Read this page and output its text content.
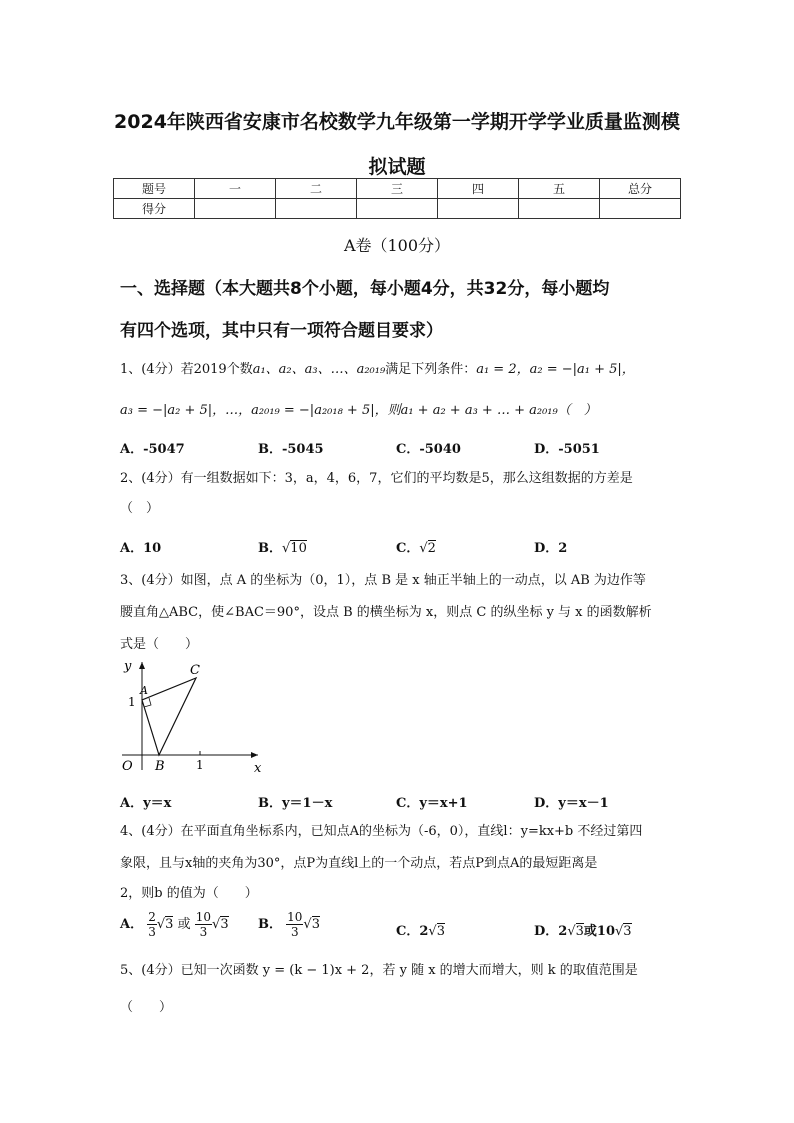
2024年陕西省安康市名校数学九年级第一学期开学学业质量监测模
拟试题
题号	一	二	三	四	五	总分
得分						
A卷（100分）
一、选择题（本大题共8个小题，每小题4分，共32分，每小题均
有四个选项，其中只有一项符合题目要求）
1、(4分）若2019个数a₁、a₂、a₃、…、a₂₀₁₉满足下列条件：a₁ = 2，a₂ = −|a₁ + 5|，
a₃ = −|a₂ + 5|，…，a₂₀₁₉ = −|a₂₀₁₈ + 5|，则a₁ + a₂ + a₃ + … + a₂₀₁₉（　）
A．-5047	B．-5045	C．-5040	D．-5051
2、(4分）有一组数据如下：3，a，4，6，7，它们的平均数是5，那么这组数据的方差是
（　）
A．10	B．√10	C．√2	D．2
3、(4分）如图，点 A 的坐标为（0，1），点 B 是 x 轴正半轴上的一动点，以 AB 为边作等
腰直角△ABC，使∠BAC＝90°，设点 B 的横坐标为 x，则点 C 的纵坐标 y 与 x 的函数解析
式是（　　）
y
x
O
A
B
C
1
1
A．y＝x	B．y＝1－x	C．y＝x+1	D．y＝x－1
4、(4分）在平面直角坐标系内，已知点A的坐标为（-6，0），直线l：y=kx+b 不经过第四
象限，且与x轴的夹角为30°，点P为直线l上的一个动点，若点P到点A的最短距离是
2，则b 的值为（　　）
A． $\frac{2}{3} √3$ 或 $\frac{10}{3} √3$ B． $\frac{10}{3} √3$	C．2√3	D．2√3或10√3
5、(4分）已知一次函数 y = (k − 1)x + 2，若 y 随 x 的增大而增大，则 k 的取值范围是
（　　）
